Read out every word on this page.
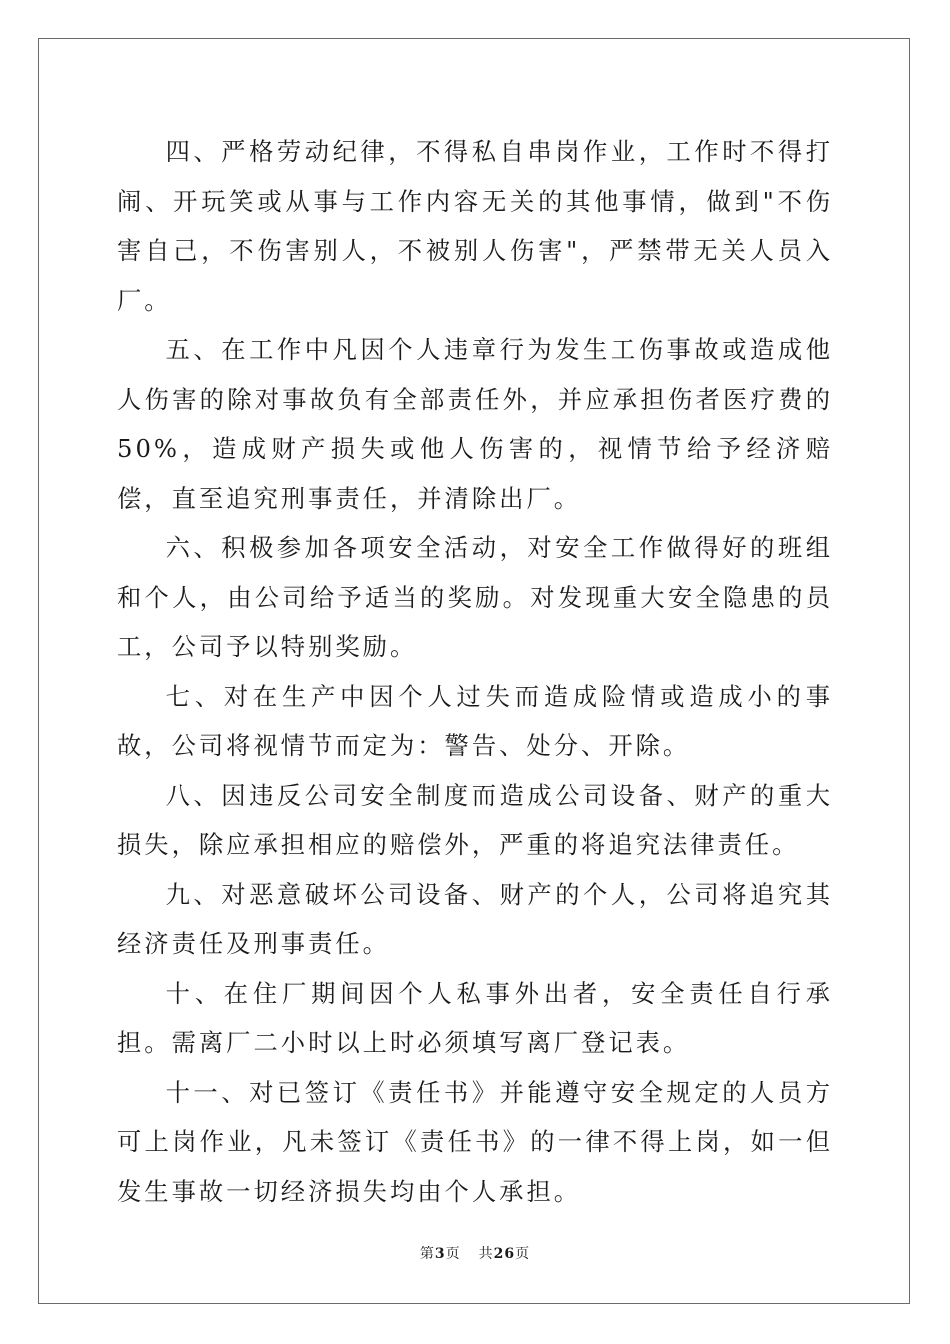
四、严格劳动纪律，不得私自串岗作业，工作时不得打闹、开玩笑或从事与工作内容无关的其他事情，做到"不伤害自己，不伤害别人，不被别人伤害"，严禁带无关人员入厂。

五、在工作中凡因个人违章行为发生工伤事故或造成他人伤害的除对事故负有全部责任外，并应承担伤者医疗费的50%，造成财产损失或他人伤害的，视情节给予经济赔偿，直至追究刑事责任，并清除出厂。

六、积极参加各项安全活动，对安全工作做得好的班组和个人，由公司给予适当的奖励。对发现重大安全隐患的员工，公司予以特别奖励。

七、对在生产中因个人过失而造成险情或造成小的事故，公司将视情节而定为：警告、处分、开除。

八、因违反公司安全制度而造成公司设备、财产的重大损失，除应承担相应的赔偿外，严重的将追究法律责任。

九、对恶意破坏公司设备、财产的个人，公司将追究其经济责任及刑事责任。

十、在住厂期间因个人私事外出者，安全责任自行承担。需离厂二小时以上时必须填写离厂登记表。

十一、对已签订《责任书》并能遵守安全规定的人员方可上岗作业，凡未签订《责任书》的一律不得上岗，如一但发生事故一切经济损失均由个人承担。

第3页 共26页
